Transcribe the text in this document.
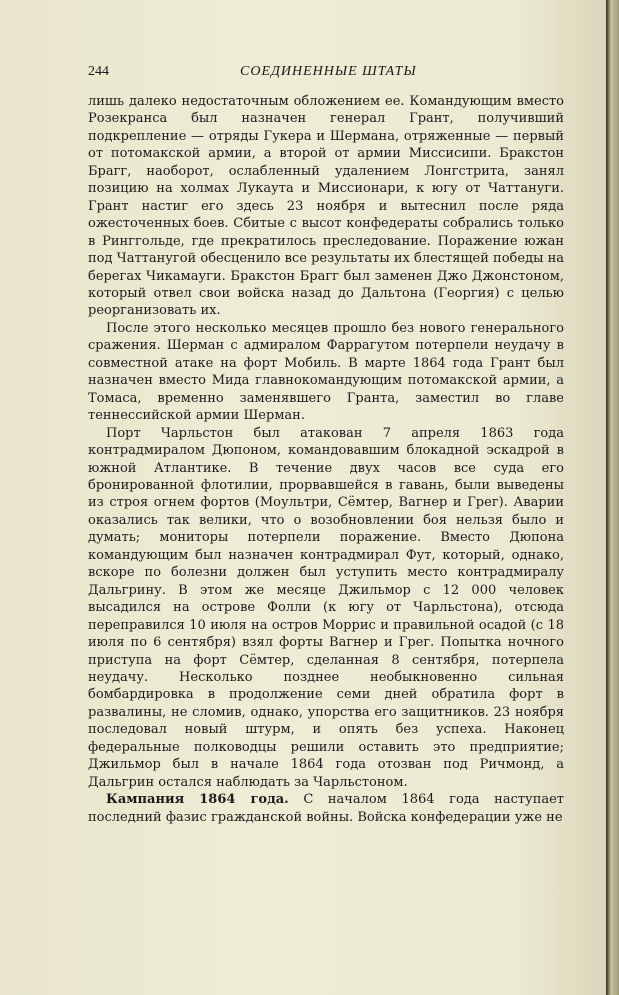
244	СОЕДИНЕННЫЕ ШТАТЫ

лишь далеко недостаточным обложением ее. Командующим вместо Розекранса был назначен генерал Грант, получивший подкрепление — отряды Гукера и Шермана, отряженные — первый от потомакской армии, а второй от армии Миссисипи. Бракстон Брагг, наоборот, ослабленный удалением Лонгстрита, занял позицию на холмах Лукаута и Миссионари, к югу от Чаттануги. Грант настиг его здесь 23 ноября и вытеснил после ряда ожесточенных боев. Сбитые с высот конфедераты собрались только в Ринггольде, где прекратилось преследование. Поражение южан под Чаттанугой обесценило все результаты их блестящей победы на берегах Чикамауги. Бракстон Брагг был заменен Джо Джонстоном, который отвел свои войска назад до Дальтона (Георгия) с целью реорганизовать их.

После этого несколько месяцев прошло без нового генерального сражения. Шерман с адмиралом Фаррагутом потерпели неудачу в совместной атаке на форт Мобиль. В марте 1864 года Грант был назначен вместо Мида главнокомандующим потомакской армии, а Томаса, временно заменявшего Гранта, заместил во главе теннессийской армии Шерман.

Порт Чарльстон был атакован 7 апреля 1863 года контрадмиралом Дюпоном, командовавшим блокадной эскадрой в южной Атлантике. В течение двух часов все суда его бронированной флотилии, прорвавшейся в гавань, были выведены из строя огнем фортов (Моультри, Сёмтер, Вагнер и Грег). Аварии оказались так велики, что о возобновлении боя нельзя было и думать; мониторы потерпели поражение. Вместо Дюпона командующим был назначен контрадмирал Фут, который, однако, вскоре по болезни должен был уступить место контрадмиралу Дальгрину. В этом же месяце Джильмор с 12 000 человек высадился на острове Фолли (к югу от Чарльстона), отсюда переправился 10 июля на остров Моррис и правильной осадой (с 18 июля по 6 сентября) взял форты Вагнер и Грег. Попытка ночного приступа на форт Сёмтер, сделанная 8 сентября, потерпела неудачу. Несколько позднее необыкновенно сильная бомбардировка в продолжение семи дней обратила форт в развалины, не сломив, однако, упорства его защитников. 23 ноября последовал новый штурм, и опять без успеха. Наконец федеральные полководцы решили оставить это предприятие; Джильмор был в начале 1864 года отозван под Ричмонд, а Дальгрин остался наблюдать за Чарльстоном.

Кампания 1864 года. С началом 1864 года наступает последний фазис гражданской войны. Войска конфедерации уже не
